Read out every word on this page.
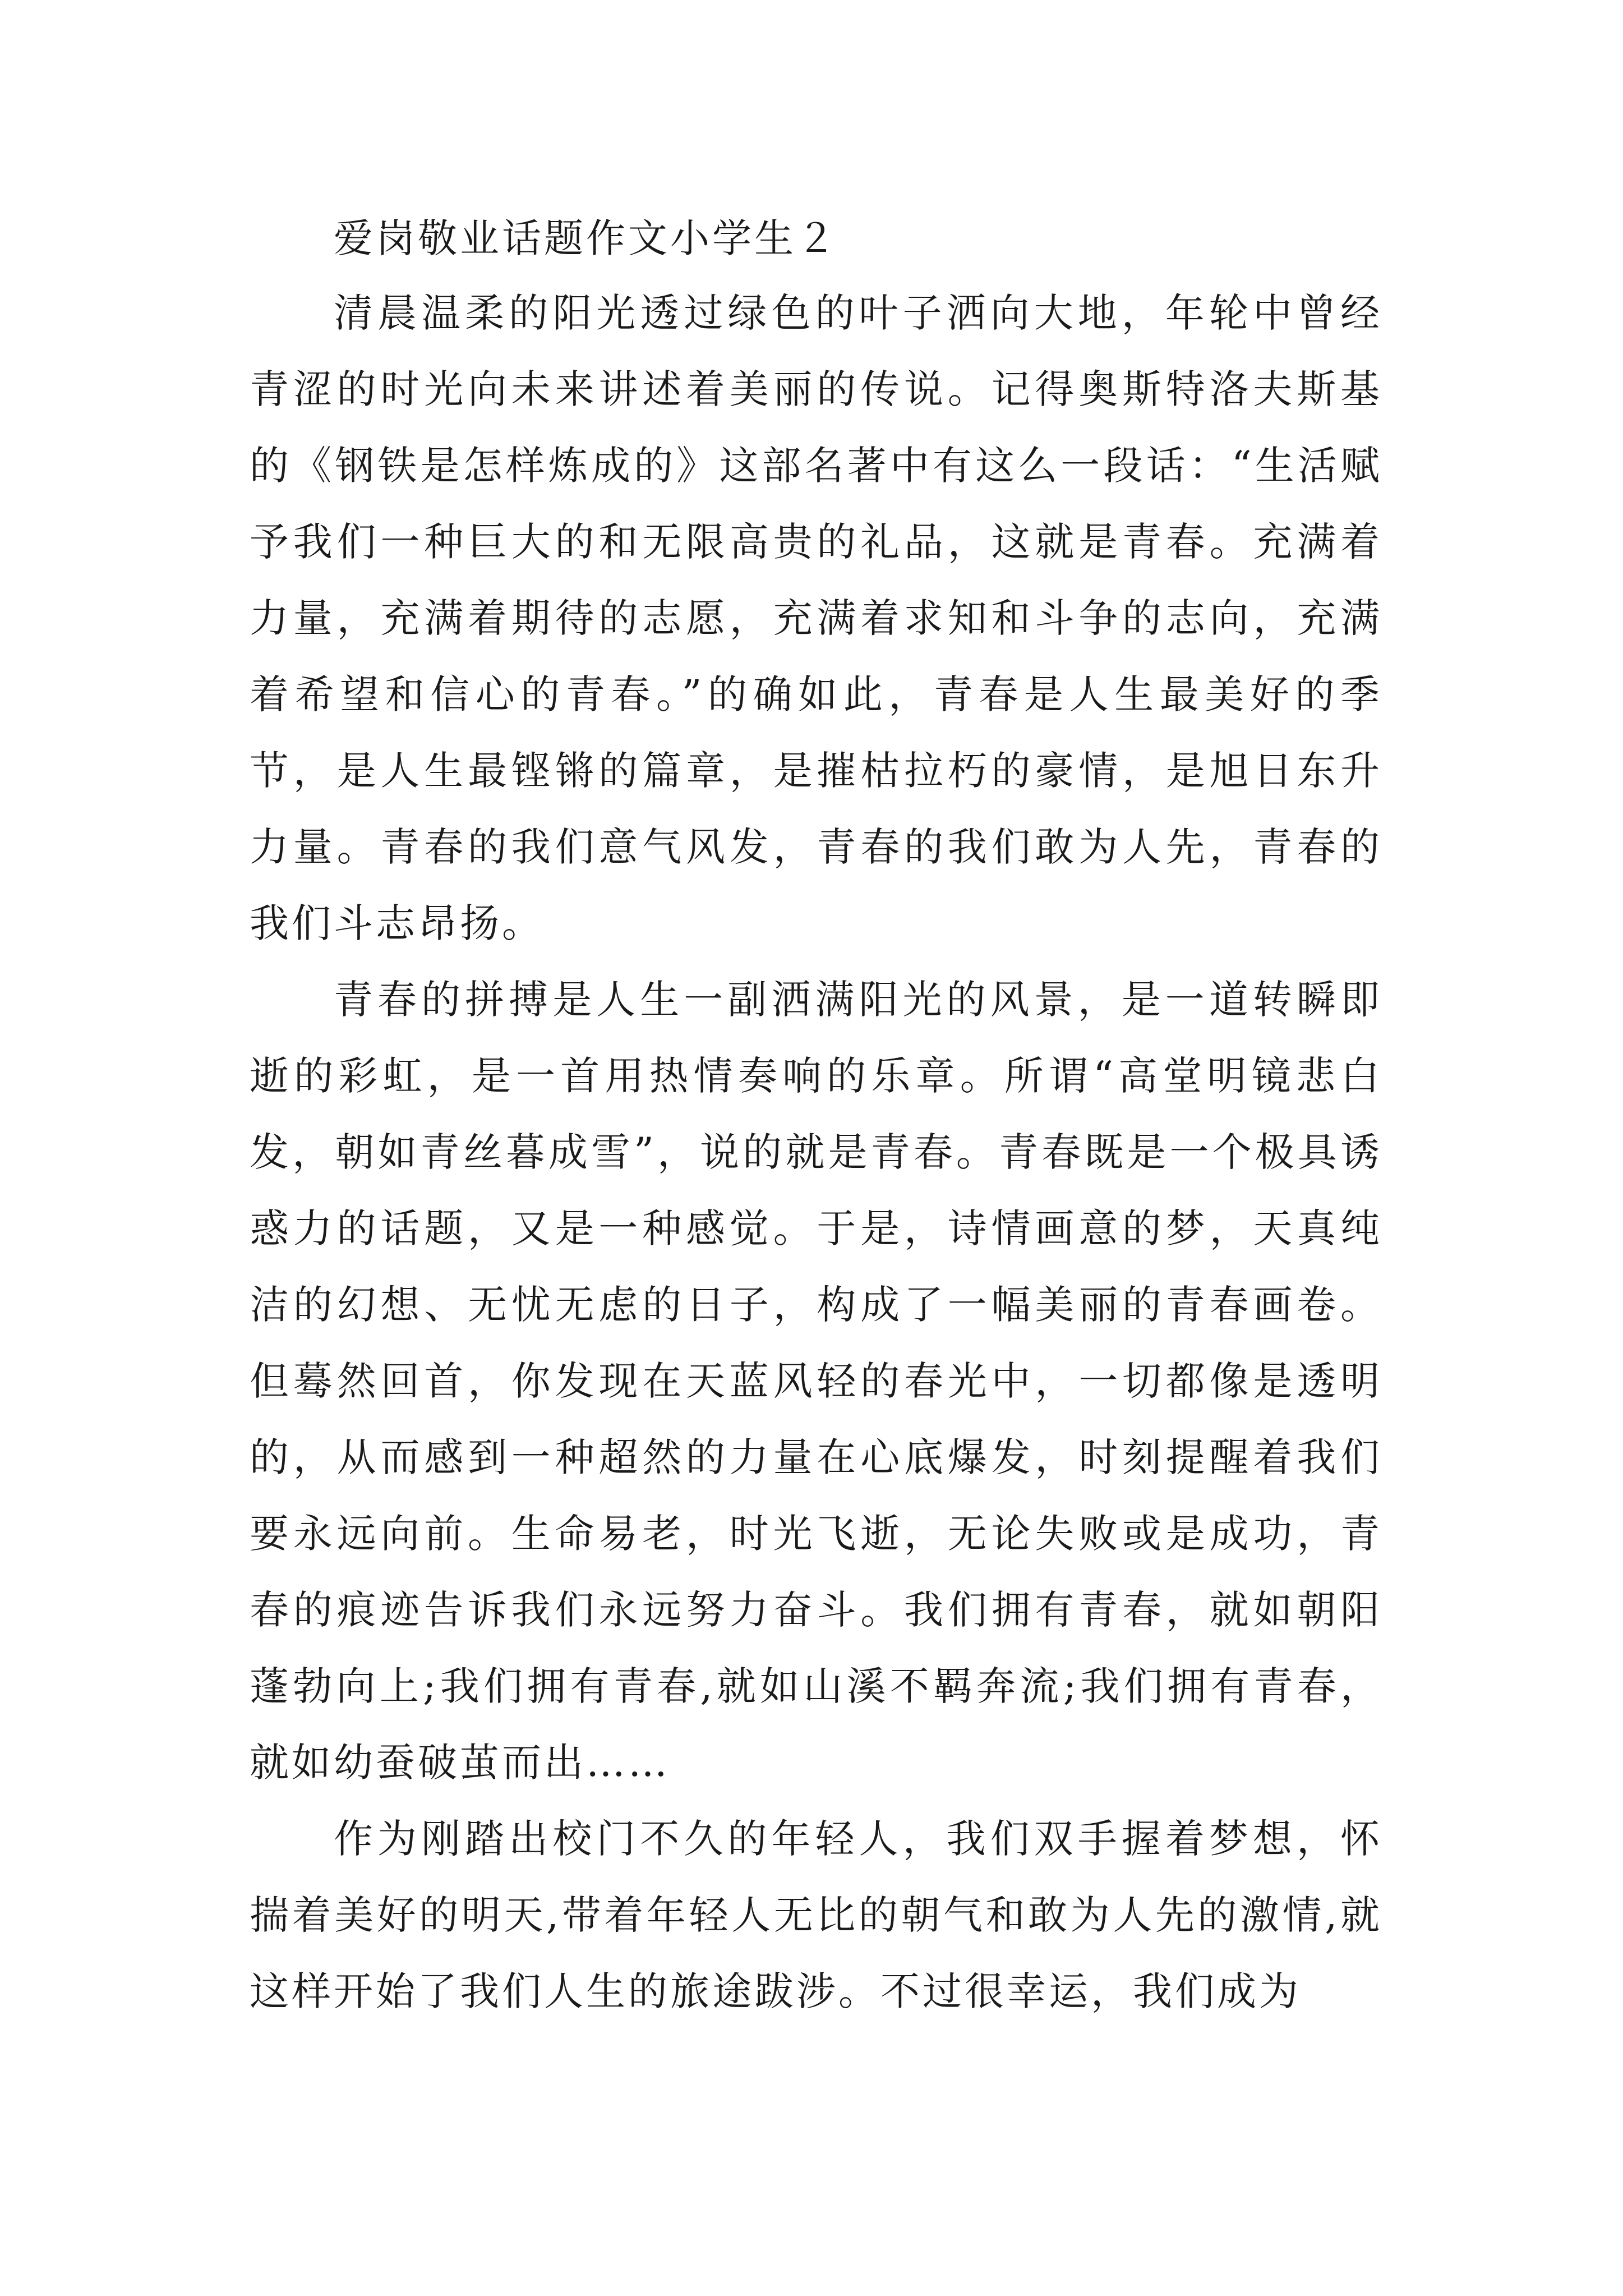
爱岗敬业话题作文小学生２

清晨温柔的阳光透过绿色的叶子洒向大地，年轮中曾经青涩的时光向未来讲述着美丽的传说。记得奥斯特洛夫斯基的《钢铁是怎样炼成的》这部名著中有这么一段话：“生活赋予我们一种巨大的和无限高贵的礼品，这就是青春。充满着力量，充满着期待的志愿，充满着求知和斗争的志向，充满着希望和信心的青春。”的确如此，青春是人生最美好的季节，是人生最铿锵的篇章，是摧枯拉朽的豪情，是旭日东升力量。青春的我们意气风发，青春的我们敢为人先，青春的我们斗志昂扬。

青春的拼搏是人生一副洒满阳光的风景，是一道转瞬即逝的彩虹，是一首用热情奏响的乐章。所谓“高堂明镜悲白发，朝如青丝暮成雪”，说的就是青春。青春既是一个极具诱惑力的话题，又是一种感觉。于是，诗情画意的梦，天真纯洁的幻想、无忧无虑的日子，构成了一幅美丽的青春画卷。但蓦然回首，你发现在天蓝风轻的春光中，一切都像是透明的，从而感到一种超然的力量在心底爆发，时刻提醒着我们要永远向前。生命易老，时光飞逝，无论失败或是成功，青春的痕迹告诉我们永远努力奋斗。我们拥有青春，就如朝阳蓬勃向上;我们拥有青春,就如山溪不羁奔流;我们拥有青春，就如幼蚕破茧而出……

作为刚踏出校门不久的年轻人，我们双手握着梦想，怀揣着美好的明天,带着年轻人无比的朝气和敢为人先的激情,就这样开始了我们人生的旅途跋涉。不过很幸运，我们成为
